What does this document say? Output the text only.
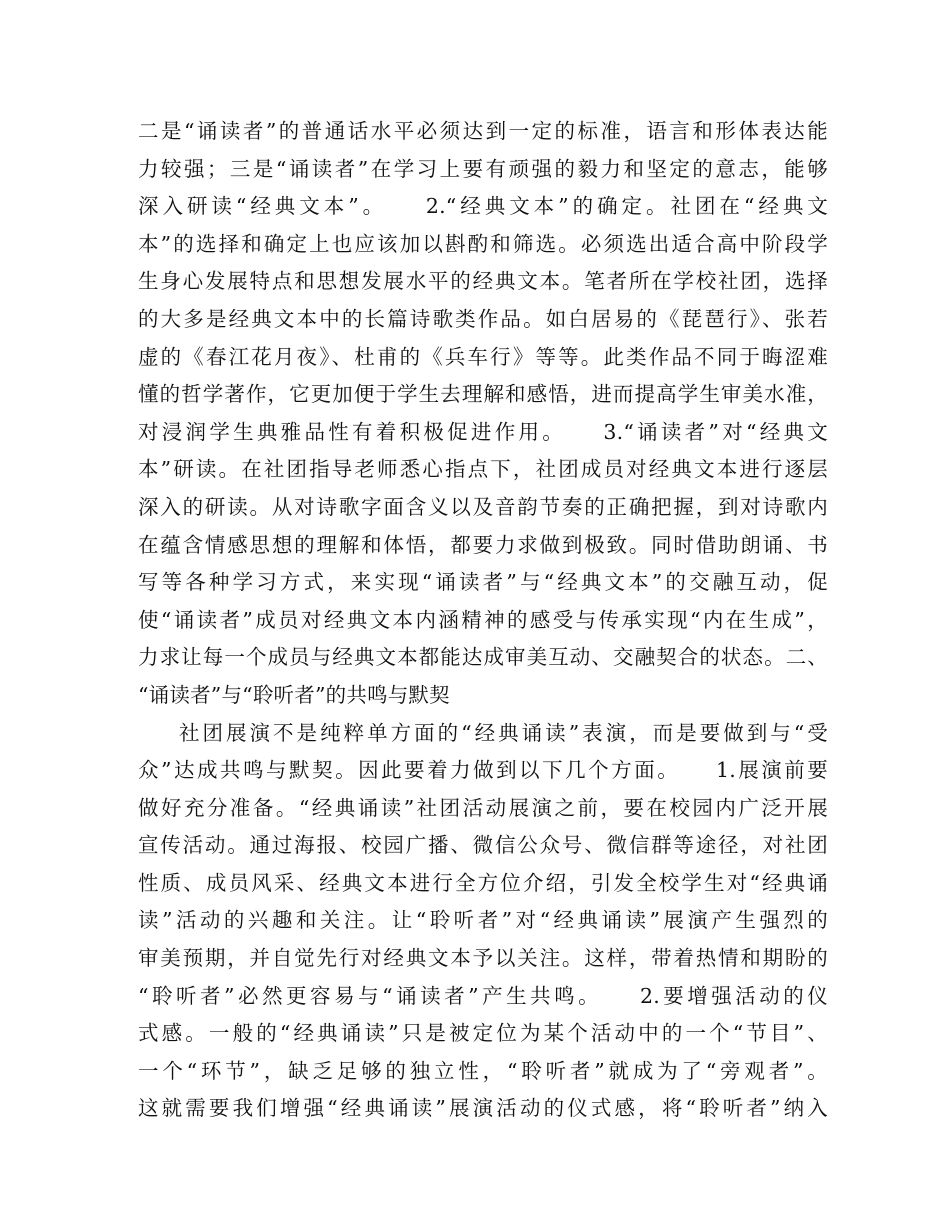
二是“诵读者”的普通话水平必须达到一定的标准，语言和形体表达能
力较强；三是“诵读者”在学习上要有顽强的毅力和坚定的意志，能够
深入研读“经典文本”。　　2.“经典文本”的确定。社团在“经典文
本”的选择和确定上也应该加以斟酌和筛选。必须选出适合高中阶段学
生身心发展特点和思想发展水平的经典文本。笔者所在学校社团，选择
的大多是经典文本中的长篇诗歌类作品。如白居易的《琵琶行》、张若
虚的《春江花月夜》、杜甫的《兵车行》等等。此类作品不同于晦涩难
懂的哲学著作，它更加便于学生去理解和感悟，进而提高学生审美水准，
对浸润学生典雅品性有着积极促进作用。　　3.“诵读者”对“经典文
本”研读。在社团指导老师悉心指点下，社团成员对经典文本进行逐层
深入的研读。从对诗歌字面含义以及音韵节奏的正确把握，到对诗歌内
在蕴含情感思想的理解和体悟，都要力求做到极致。同时借助朗诵、书
写等各种学习方式，来实现“诵读者”与“经典文本”的交融互动，促
使“诵读者”成员对经典文本内涵精神的感受与传承实现“内在生成”，
力求让每一个成员与经典文本都能达成审美互动、交融契合的状态。二、
“诵读者”与“聆听者”的共鸣与默契
社团展演不是纯粹单方面的“经典诵读”表演，而是要做到与“受
众”达成共鸣与默契。因此要着力做到以下几个方面。　　1.展演前要
做好充分准备。“经典诵读”社团活动展演之前，要在校园内广泛开展
宣传活动。通过海报、校园广播、微信公众号、微信群等途径，对社团
性质、成员风采、经典文本进行全方位介绍，引发全校学生对“经典诵
读”活动的兴趣和关注。让“聆听者”对“经典诵读”展演产生强烈的
审美预期，并自觉先行对经典文本予以关注。这样，带着热情和期盼的
“聆听者”必然更容易与“诵读者”产生共鸣。　　2.要增强活动的仪
式感。一般的“经典诵读”只是被定位为某个活动中的一个“节目”、
一个“环节”，缺乏足够的独立性，“聆听者”就成为了“旁观者”。
这就需要我们增强“经典诵读”展演活动的仪式感，将“聆听者”纳入
